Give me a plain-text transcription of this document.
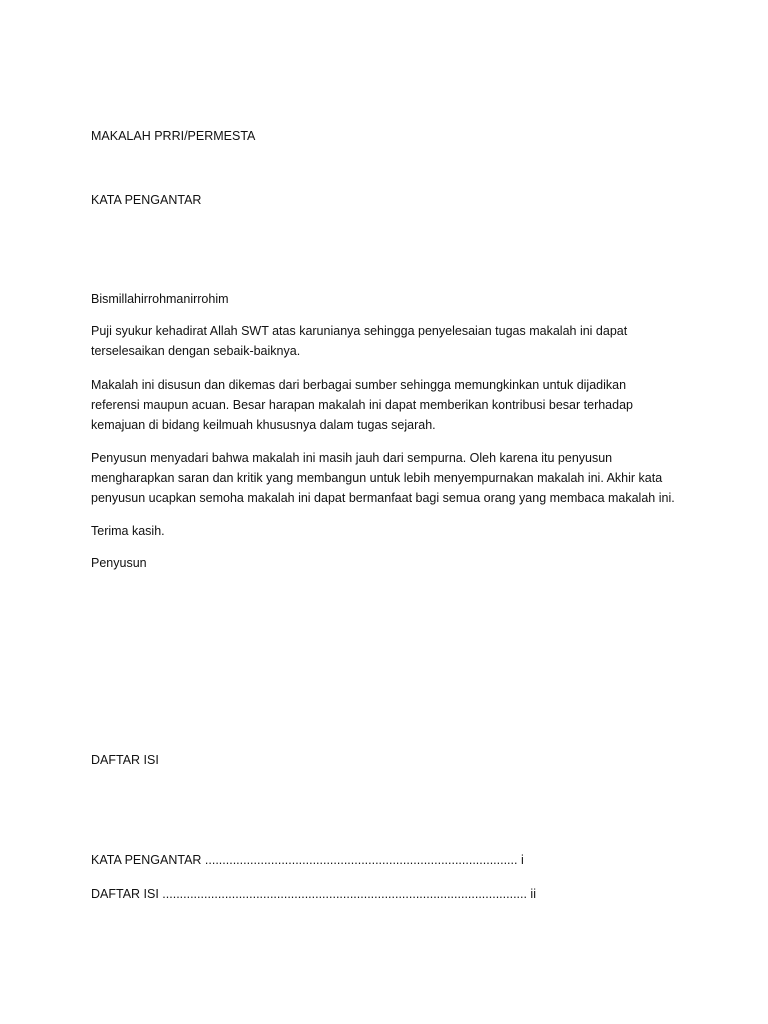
MAKALAH PRRI/PERMESTA
KATA PENGANTAR
Bismillahirrohmanirrohim
Puji syukur kehadirat Allah SWT atas karunianya sehingga penyelesaian tugas makalah ini dapat
terselesaikan dengan sebaik-baiknya.
Makalah ini disusun dan dikemas dari berbagai sumber sehingga memungkinkan untuk dijadikan
referensi maupun acuan. Besar harapan makalah ini dapat memberikan kontribusi besar terhadap
kemajuan di bidang keilmuah khususnya dalam tugas sejarah.
Penyusun menyadari bahwa makalah ini masih jauh dari sempurna. Oleh karena itu penyusun
mengharapkan saran dan kritik yang membangun untuk lebih menyempurnakan makalah ini. Akhir kata
penyusun ucapkan semoha makalah ini dapat bermanfaat bagi semua orang yang membaca makalah ini.
Terima kasih.
Penyusun
DAFTAR ISI
KATA PENGANTAR .......................................................................................... i
DAFTAR ISI ......................................................................................................... ii
